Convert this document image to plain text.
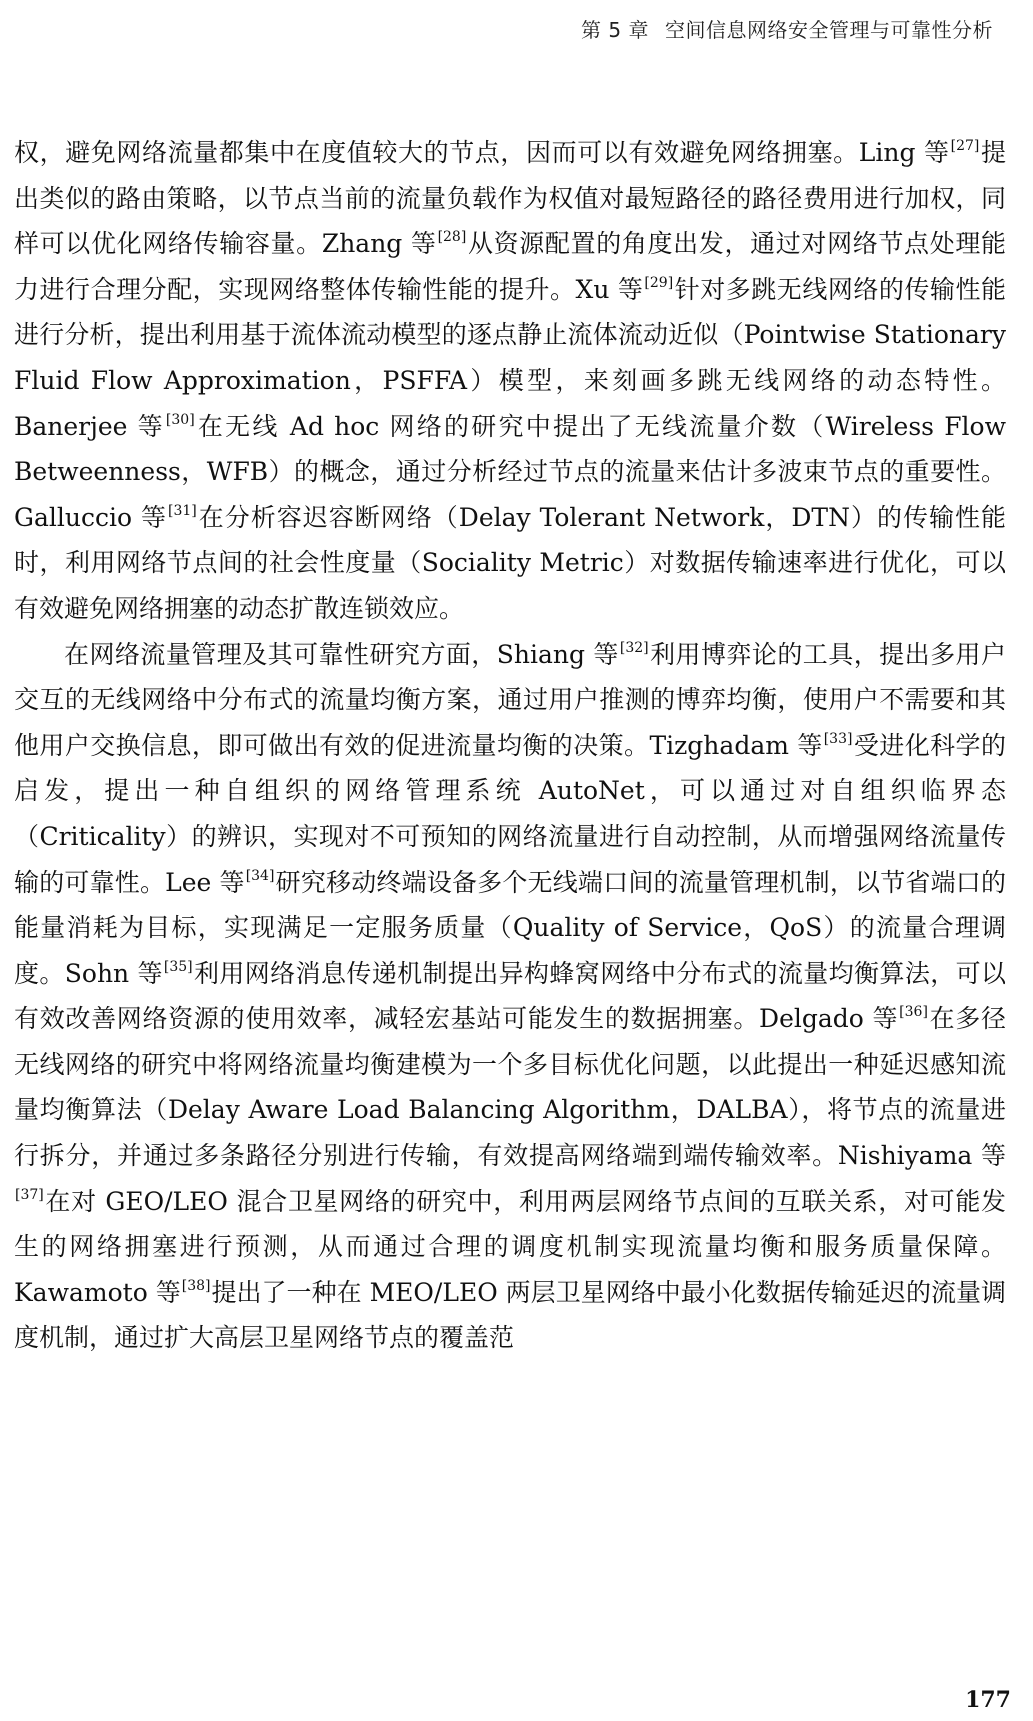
第 5 章 空间信息网络安全管理与可靠性分析

权，避免网络流量都集中在度值较大的节点，因而可以有效避免网络拥塞。Ling 等[27]提出类似的路由策略，以节点当前的流量负载作为权值对最短路径的路径费用进行加权，同样可以优化网络传输容量。Zhang 等[28]从资源配置的角度出发，通过对网络节点处理能力进行合理分配，实现网络整体传输性能的提升。Xu 等[29]针对多跳无线网络的传输性能进行分析，提出利用基于流体流动模型的逐点静止流体流动近似（Pointwise Stationary Fluid Flow Approximation，PSFFA）模型，来刻画多跳无线网络的动态特性。Banerjee 等[30]在无线 Ad hoc 网络的研究中提出了无线流量介数（Wireless Flow Betweenness，WFB）的概念，通过分析经过节点的流量来估计多波束节点的重要性。Galluccio 等[31]在分析容迟容断网络（Delay Tolerant Network，DTN）的传输性能时，利用网络节点间的社会性度量（Sociality Metric）对数据传输速率进行优化，可以有效避免网络拥塞的动态扩散连锁效应。

在网络流量管理及其可靠性研究方面，Shiang 等[32]利用博弈论的工具，提出多用户交互的无线网络中分布式的流量均衡方案，通过用户推测的博弈均衡，使用户不需要和其他用户交换信息，即可做出有效的促进流量均衡的决策。Tizghadam 等[33]受进化科学的启发，提出一种自组织的网络管理系统 AutoNet，可以通过对自组织临界态（Criticality）的辨识，实现对不可预知的网络流量进行自动控制，从而增强网络流量传输的可靠性。Lee 等[34]研究移动终端设备多个无线端口间的流量管理机制，以节省端口的能量消耗为目标，实现满足一定服务质量（Quality of Service，QoS）的流量合理调度。Sohn 等[35]利用网络消息传递机制提出异构蜂窝网络中分布式的流量均衡算法，可以有效改善网络资源的使用效率，减轻宏基站可能发生的数据拥塞。Delgado 等[36]在多径无线网络的研究中将网络流量均衡建模为一个多目标优化问题，以此提出一种延迟感知流量均衡算法（Delay Aware Load Balancing Algorithm，DALBA），将节点的流量进行拆分，并通过多条路径分别进行传输，有效提高网络端到端传输效率。Nishiyama 等[37]在对 GEO/LEO 混合卫星网络的研究中，利用两层网络节点间的互联关系，对可能发生的网络拥塞进行预测，从而通过合理的调度机制实现流量均衡和服务质量保障。Kawamoto 等[38]提出了一种在 MEO/LEO 两层卫星网络中最小化数据传输延迟的流量调度机制，通过扩大高层卫星网络节点的覆盖范

177
